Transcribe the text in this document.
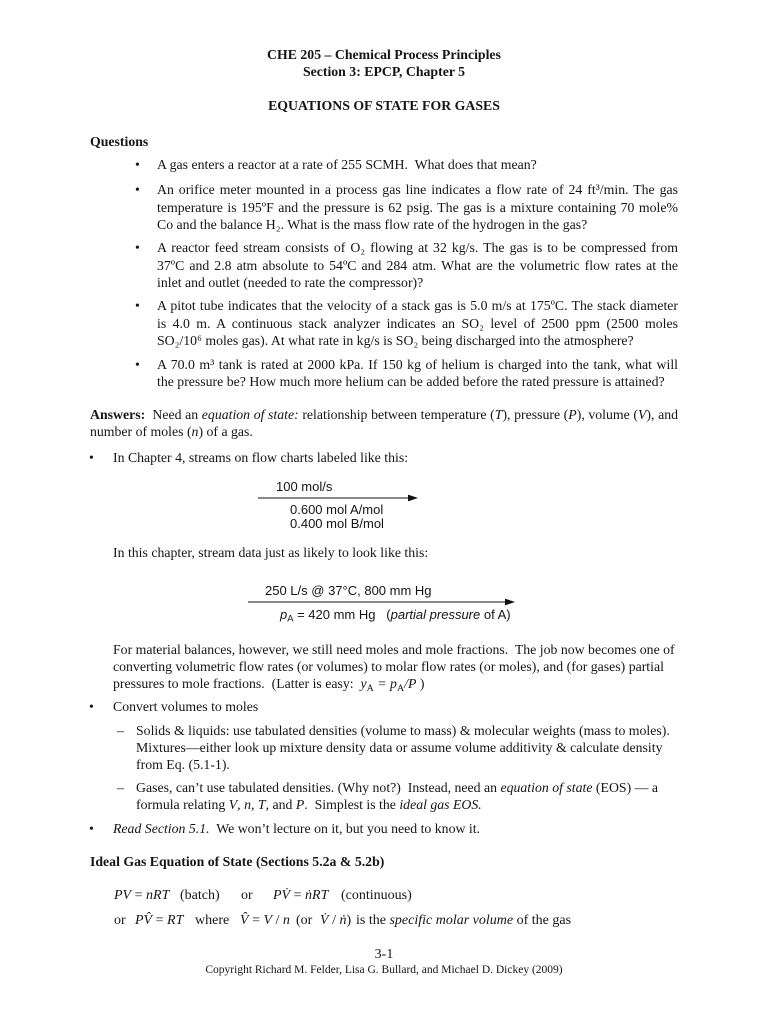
CHE 205 – Chemical Process Principles
Section 3: EPCP, Chapter 5
EQUATIONS OF STATE FOR GASES
Questions
• A gas enters a reactor at a rate of 255 SCMH.  What does that mean?
• An orifice meter mounted in a process gas line indicates a flow rate of 24 ft³/min. The gas
temperature is 195ºF and the pressure is 62 psig. The gas is a mixture containing 70 mole%
Co and the balance H₂. What is the mass flow rate of the hydrogen in the gas?
• A reactor feed stream consists of O₂ flowing at 32 kg/s. The gas is to be compressed from
37ºC and 2.8 atm absolute to 54ºC and 284 atm. What are the volumetric flow rates at the
inlet and outlet (needed to rate the compressor)?
• A pitot tube indicates that the velocity of a stack gas is 5.0 m/s at 175ºC. The stack diameter
is 4.0 m. A continuous stack analyzer indicates an SO₂ level of 2500 ppm (2500 moles
SO₂/10⁶ moles gas). At what rate in kg/s is SO₂ being discharged into the atmosphere?
• A 70.0 m³ tank is rated at 2000 kPa. If 150 kg of helium is charged into the tank, what will
the pressure be? How much more helium can be added before the rated pressure is attained?
Answers:  Need an equation of state: relationship between temperature (T), pressure (P), volume (V), and
number of moles (n) of a gas.
• In Chapter 4, streams on flow charts labeled like this:
100 mol/s
0.600 mol A/mol
0.400 mol B/mol
In this chapter, stream data just as likely to look like this:
250 L/s @ 37°C, 800 mm Hg
$p_A = 420$ mm Hg   (partial pressure of A)
For material balances, however, we still need moles and mole fractions.  The job now becomes one of
converting volumetric flow rates (or volumes) to molar flow rates (or moles), and (for gases) partial
pressures to mole fractions.  (Latter is easy:  $y_A = p_A/P$ )
• Convert volumes to moles
– Solids & liquids: use tabulated densities (volume to mass) & molecular weights (mass to moles).
Mixtures—either look up mixture density data or assume volume additivity & calculate density
from Eq. (5.1-1).
– Gases, can’t use tabulated densities. (Why not?)  Instead, need an equation of state (EOS) — a
formula relating V, n, T, and P.  Simplest is the ideal gas EOS.
• Read Section 5.1.  We won’t lecture on it, but you need to know it.
Ideal Gas Equation of State (Sections 5.2a & 5.2b)
PV = nRT (batch) or PV̇ = ṅRT (continuous)
or PV̂ = RT where V̂ = V / n (or V̇ / ṅ) is the specific molar volume of the gas
3-1
Copyright Richard M. Felder, Lisa G. Bullard, and Michael D. Dickey (2009)
